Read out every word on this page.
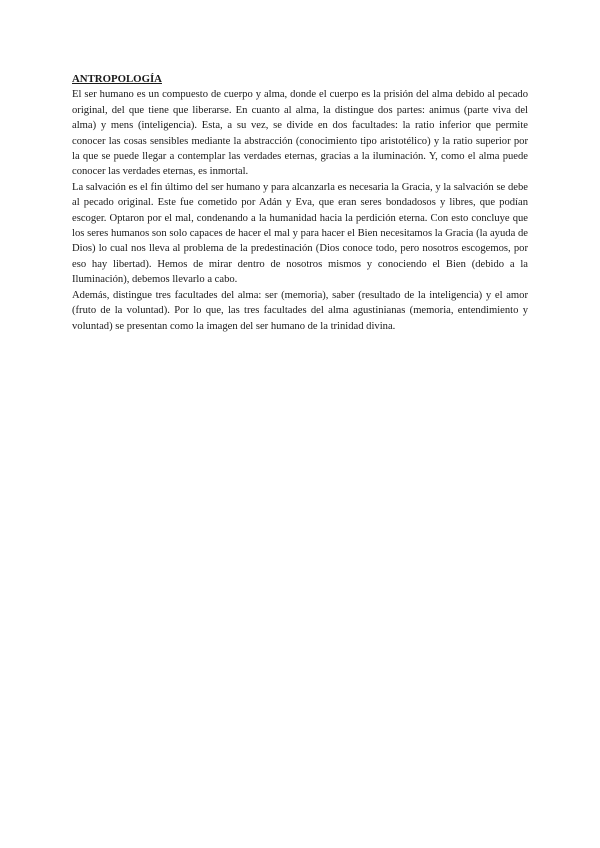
ANTROPOLOGÍA

El ser humano es un compuesto de cuerpo y alma, donde el cuerpo es la prisión del alma debido al pecado original, del que tiene que liberarse. En cuanto al alma, la distingue dos partes: animus (parte viva del alma) y mens (inteligencia). Esta, a su vez, se divide en dos facultades: la ratio inferior que permite conocer las cosas sensibles mediante la abstracción (conocimiento tipo aristotélico) y la ratio superior por la que se puede llegar a contemplar las verdades eternas, gracias a la iluminación. Y, como el alma puede conocer las verdades eternas, es inmortal.

La salvación es el fin último del ser humano y para alcanzarla es necesaria la Gracia, y la salvación se debe al pecado original. Este fue cometido por Adán y Eva, que eran seres bondadosos y libres, que podían escoger. Optaron por el mal, condenando a la humanidad hacia la perdición eterna. Con esto concluye que los seres humanos son solo capaces de hacer el mal y para hacer el Bien necesitamos la Gracia (la ayuda de Dios) lo cual nos lleva al problema de la predestinación (Dios conoce todo, pero nosotros escogemos, por eso hay libertad). Hemos de mirar dentro de nosotros mismos y conociendo el Bien (debido a la Iluminación), debemos llevarlo a cabo.

Además, distingue tres facultades del alma: ser (memoria), saber (resultado de la inteligencia) y el amor (fruto de la voluntad). Por lo que, las tres facultades del alma agustinianas (memoria, entendimiento y voluntad) se presentan como la imagen del ser humano de la trinidad divina.
